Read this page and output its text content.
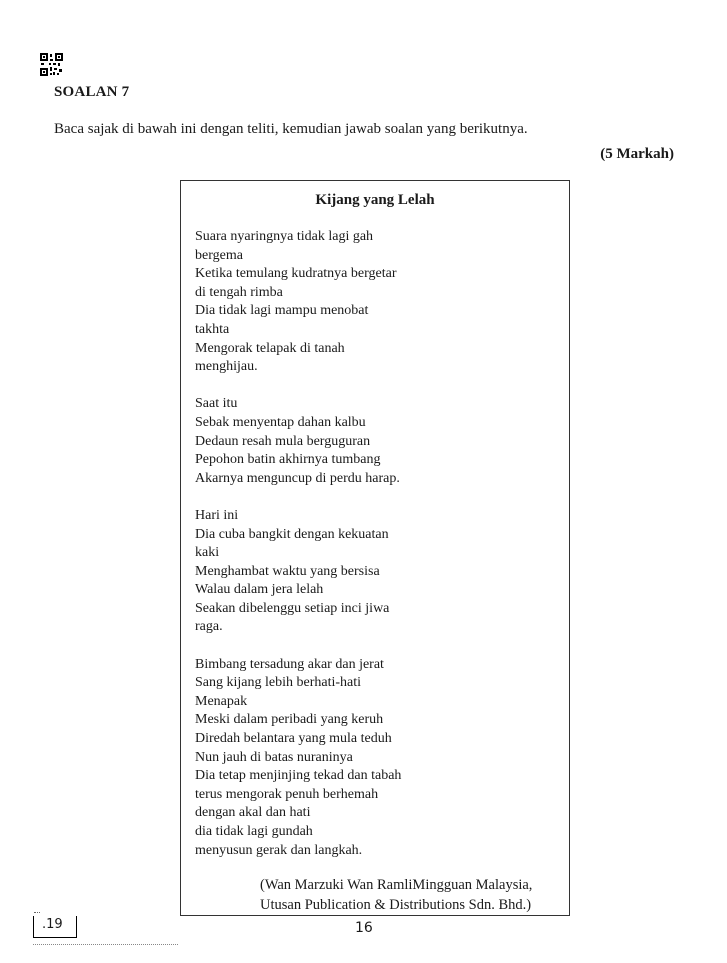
SOALAN 7
Baca sajak di bawah ini dengan teliti, kemudian jawab soalan yang berikutnya.
(5 Markah)
Kijang yang Lelah
Suara nyaringnya tidak lagi gah
bergema
Ketika temulang kudratnya bergetar
di tengah rimba
Dia tidak lagi mampu menobat
takhta
Mengorak telapak di tanah
menghijau.
Saat itu
Sebak menyentap dahan kalbu
Dedaun resah mula berguguran
Pepohon batin akhirnya tumbang
Akarnya menguncup di perdu harap.
Hari ini
Dia cuba bangkit dengan kekuatan
kaki
Menghambat waktu yang bersisa
Walau dalam jera lelah
Seakan dibelenggu setiap inci jiwa
raga.
Bimbang tersadung akar dan jerat
Sang kijang lebih berhati-hati
Menapak
Meski dalam peribadi yang keruh
Diredah belantara yang mula teduh
Nun jauh di batas nuraninya
Dia tetap menjinjing tekad dan tabah
terus mengorak penuh berhemah
dengan akal dan hati
dia tidak lagi gundah
menyusun gerak dan langkah.
(Wan Marzuki Wan RamliMingguan Malaysia,
Utusan Publication & Distributions Sdn. Bhd.)
.19	16
